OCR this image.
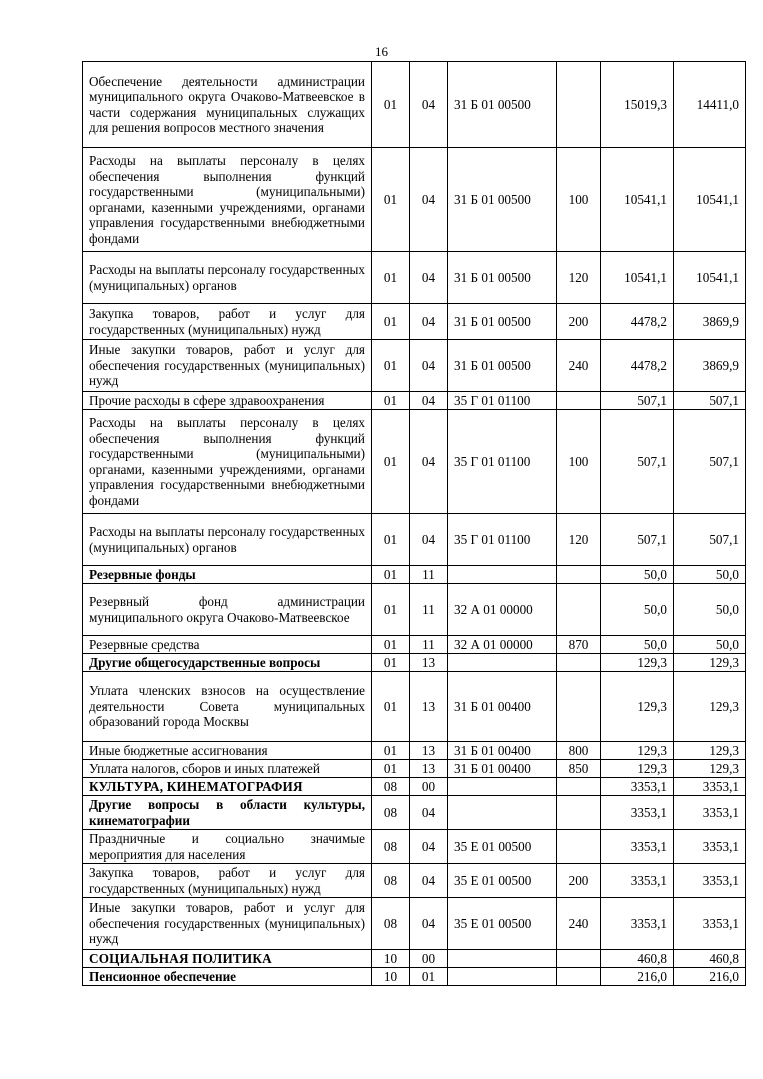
16
Обеспечение деятельности администрации муниципального округа Очаково-Матвеевское в части содержания муниципальных служащих для решения вопросов местного значения	01	04	31 Б 01 00500		15019,3	14411,0
Расходы на выплаты персоналу в целях обеспечения выполнения функций государственными (муниципальными) органами, казенными учреждениями, органами управления государственными внебюджетными фондами	01	04	31 Б 01 00500	100	10541,1	10541,1
Расходы на выплаты персоналу государственных (муниципальных) органов	01	04	31 Б 01 00500	120	10541,1	10541,1
Закупка товаров, работ и услуг для государственных (муниципальных) нужд	01	04	31 Б 01 00500	200	4478,2	3869,9
Иные закупки товаров, работ и услуг для обеспечения государственных (муниципальных) нужд	01	04	31 Б 01 00500	240	4478,2	3869,9
Прочие расходы в сфере здравоохранения	01	04	35 Г 01 01100		507,1	507,1
Расходы на выплаты персоналу в целях обеспечения выполнения функций государственными (муниципальными) органами, казенными учреждениями, органами управления государственными внебюджетными фондами	01	04	35 Г 01 01100	100	507,1	507,1
Расходы на выплаты персоналу государственных (муниципальных) органов	01	04	35 Г 01 01100	120	507,1	507,1
Резервные фонды	01	11			50,0	50,0
Резервный фонд администрации муниципального округа Очаково-Матвеевское	01	11	32 А 01 00000		50,0	50,0
Резервные средства	01	11	32 А 01 00000	870	50,0	50,0
Другие общегосударственные вопросы	01	13			129,3	129,3
Уплата членских взносов на осуществление деятельности Совета муниципальных образований города Москвы	01	13	31 Б 01 00400		129,3	129,3
Иные бюджетные ассигнования	01	13	31 Б 01 00400	800	129,3	129,3
Уплата налогов, сборов и иных платежей	01	13	31 Б 01 00400	850	129,3	129,3
КУЛЬТУРА, КИНЕМАТОГРАФИЯ	08	00			3353,1	3353,1
Другие вопросы в области культуры, кинематографии	08	04			3353,1	3353,1
Праздничные и социально значимые мероприятия для населения	08	04	35 Е 01 00500		3353,1	3353,1
Закупка товаров, работ и услуг для государственных (муниципальных) нужд	08	04	35 Е 01 00500	200	3353,1	3353,1
Иные закупки товаров, работ и услуг для обеспечения государственных (муниципальных) нужд	08	04	35 Е 01 00500	240	3353,1	3353,1
СОЦИАЛЬНАЯ ПОЛИТИКА	10	00			460,8	460,8
Пенсионное обеспечение	10	01			216,0	216,0
